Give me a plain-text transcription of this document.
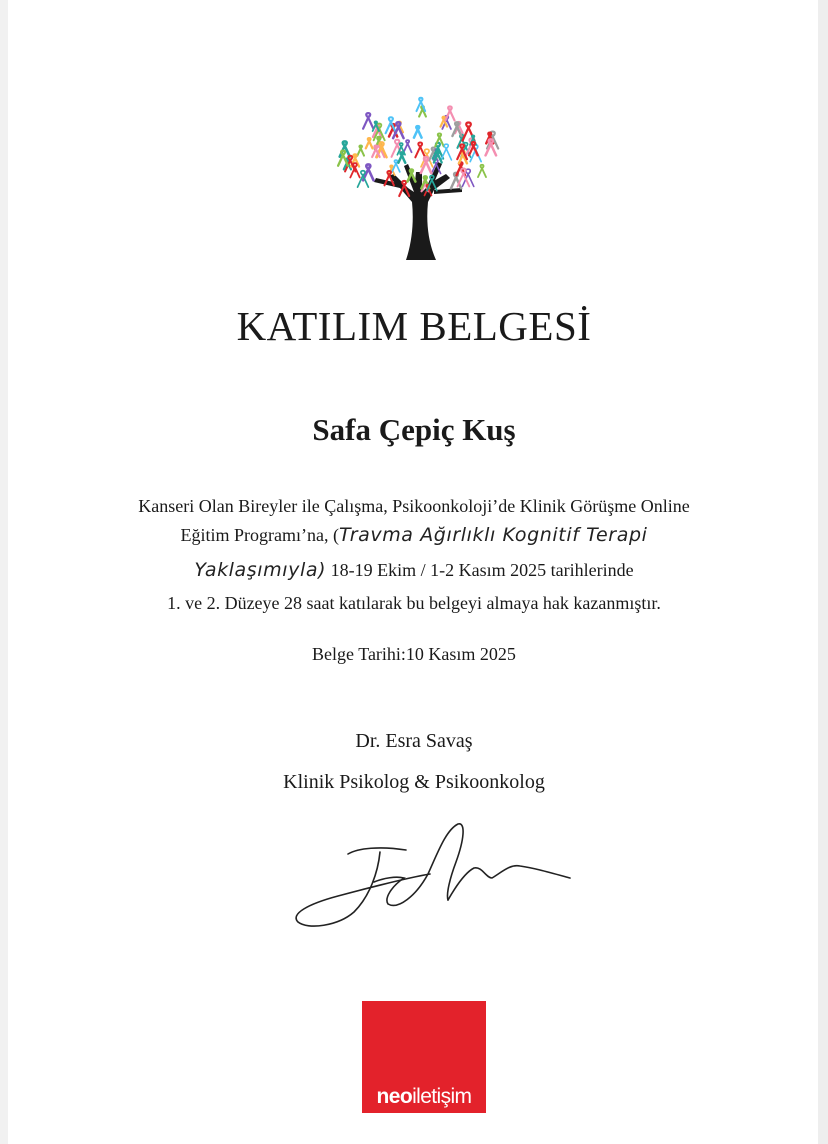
KATILIM BELGESİ
Safa Çepiç Kuş
Kanseri Olan Bireyler ile Çalışma, Psikoonkoloji’de Klinik Görüşme Online
Eğitim Programı’na, (Travma Ağırlıklı Kognitif Terapi
Yaklaşımıyla) 18-19 Ekim / 1-2 Kasım 2025 tarihlerinde
1. ve 2. Düzeye 28 saat katılarak bu belgeyi almaya hak kazanmıştır.
Belge Tarihi:10 Kasım 2025
Dr. Esra Savaş
Klinik Psikolog & Psikoonkolog
neoiletişim
